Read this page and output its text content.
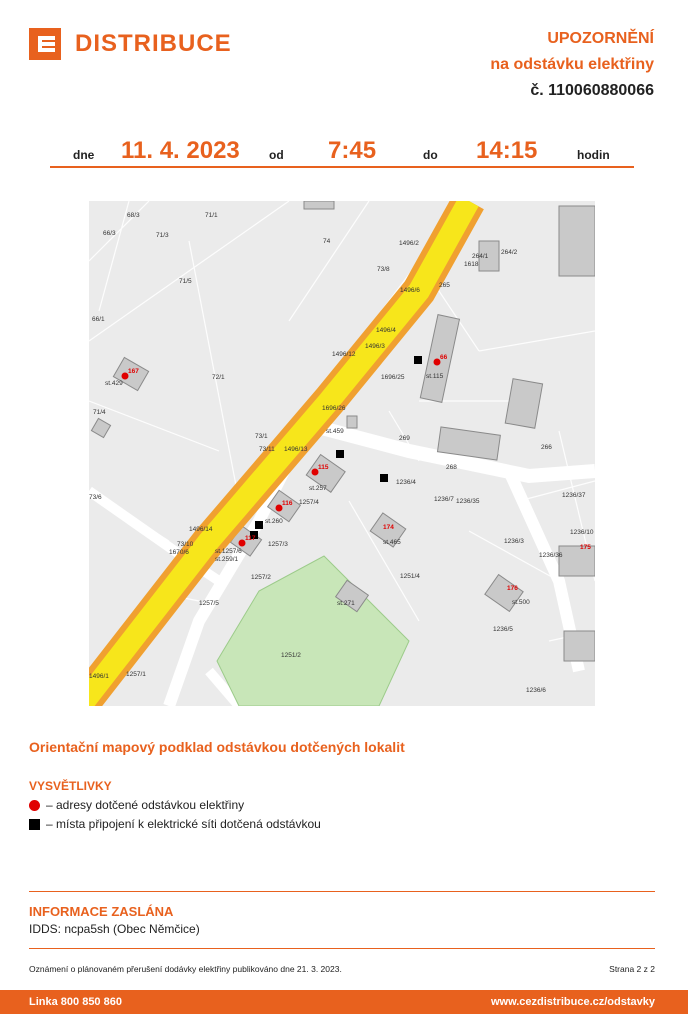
DISTRIBUCE	UPOZORNĚNÍ
na odstávku elektřiny
č. 110060880066
dne 11. 4. 2023 od 7:45	do 14:15	hodin
68/3	71/1
66/3	71/3
74	1496/2
264/1
264/2
1618
73/8
71/5
1496/6
265
66/1
1496/4
1496/3
1496/12
1696/25	st.115
st.429
72/1
71/4
1696/26
st.459
73/1	269
73/11 1496/13	266
268
st.257
1236/4
1236/7 1236/35
1236/37
73/6
1257/4
st.260
1496/14	174
1236/10
73/10
1670/6	st.1257/6
1257/3
st.259/1
st.465	1236/3
1236/36
1251/4
1257/2
1257/5	st.271
176
st.500
1236/5
1251/2
1496/1	1257/1
1236/6
175
66
167
115
116
117
Orientační mapový podklad odstávkou dotčených lokalit
VYSVĚTLIVKY
– adresy dotčené odstávkou elektřiny
– místa připojení k elektrické síti dotčená odstávkou
INFORMACE ZASLÁNA
IDDS: ncpa5sh (Obec Němčice)
Oznámení o plánovaném přerušení dodávky elektřiny publikováno dne 21. 3. 2023.	Strana 2 z 2
Linka 800 850 860	www.cezdistribuce.cz/odstavky
